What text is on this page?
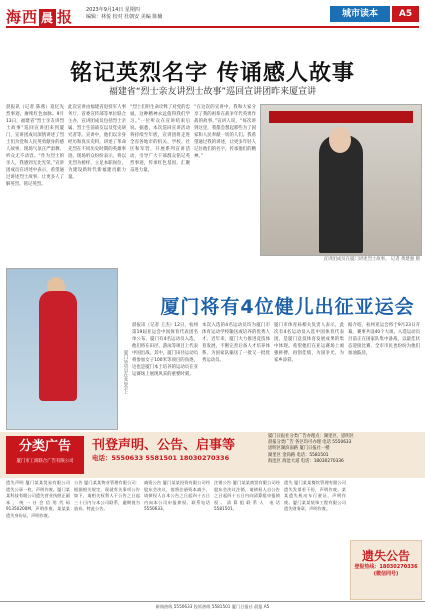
海西 晨 报	2023年9月14日 星期四
编辑：林悦 校对 杜朝安 美编 陈楠	城市读本	A5
铭记英烈名字 传诵感人故事
福建省“烈士亲友讲烈士故事”巡回宣讲团昨来厦宣讲
晨报讯（记者 陈燕）追忆先烈事迹，赓续红色血脉。9月13日，福建省“烈士亲友讲烈士故事”巡回宣讲团来到厦门，宣讲团成员深情讲述了烈士们为党和人民英勇献身的感人故事，现场气氛庄严肃穆，听众无不动容。“作为烈士的亲人，我感到无比光荣。”宣讲团成员在讲述中表示，希望通过讲述烈士故事，让更多人了解英烈、铭记英烈。
此次宣讲由福建省退役军人事务厅、省委宣传部等单位联合主办，宣讲团成员包括烈士亲属、烈士生前战友以及党史研究者等。宣讲中，他们以亲身经历和真实史料，讲述了革命先烈在不同历史时期的英雄事迹。现场听众纷纷表示，将以先烈为榜样，立足本职岗位，为建设新时代新福建贡献力量。
“烈士们用生命诠释了对党的忠诚，这种精神永远值得我们学习。”一位听众在宣讲结束后说。据悉，本次巡回宣讲活动将持续至年底，宣讲团将走进全省各地市的机关、学校、社区和军营，开展系列宣讲活动，引导广大干部群众铭记英烈事迹，传承红色基因，汇聚奋进力量。
“在这次的宣讲中，我和大家分享了我的祖辈在战争年代英勇作战的故事。”宣讲人说，“每次讲到这里，我都会想起那些为了国家和人民奉献一切的人们。我希望通过我的讲述，让更多年轻人记住他们的名字，传承他们的精神。”
宣讲团成员在厦门讲述烈士故事。 记者 黄建强 摄
厦门将有4位健儿出征亚运会
厦门运动员在亚运会上
晨报讯（记者 王杰）12日，杭州第19届亚运会中国体育代表团名单公布，厦门有4名运动员入选，他们将在田径、游泳等项目上代表中国出战。其中，厦门田径运动员将参加女子100米等项目的角逐，这也是厦门本土培养的运动员在亚运赛场上展现风采的重要时刻。
本次入选的4名运动员均为厦门市体育运动学校输送或培养的优秀人才。近年来，厦门大力推进竞技体育发展，不断完善后备人才培养体系，为国家队输送了一批又一批优秀运动员。
厦门市体育局相关负责人表示，此次有4名运动员入选中国体育代表团，是厦门竞技体育发展成果的集中体现。希望他们在亚运赛场上顽强拼搏、再创佳绩，为国争光、为家乡添彩。
据介绍，杭州亚运会将于9月23日开幕，赛事共设40个大项。入选运动员目前正在国家队集中备战，以最佳状态迎接比赛，全市市民也纷纷为他们加油鼓劲。
分类广告
厦门市工商联合广告有限公司
刊登声明、公告、启事等
电话：5550633 5581501 18030270336
厦门日报社分类广告办理点：湖里区、思明区
晨报分类广告 各区均可办理 电话 5550633
思明区湖滨南路 厦门日报社一楼
湖里区 金尚路 电话：5581501
海沧区 海沧大道 电话：18030270336
遗失声明 厦门某某贸易有限公司遗失公章一枚，声明作废。厦门某某科技有限公司遗失营业执照正副本，统一社会信用代码91350200M，声明作废。某某某遗失身份证，声明作废。
公告 厦门某某物业管理有限公司：根据相关规定，现就有关事项公告如下，请相关权利人于公告之日起三十日内与本公司联系，逾期视为放弃。特此公告。
减资公告 厦门某某投资有限公司经股东会决议，拟将注册资本减少，请债权人自本公告之日起四十五日内向本公司申报债权。联系电话 5550633。
注销公告 厦门某某商贸有限公司经股东会决议注销，请债权人自公告之日起四十五日内向清算组申报债权。清算组联系人 电话 5581501。
遗失 厦门某某餐饮管理有限公司遗失发票若干份，声明作废。某某遗失机动车行驶证，声明作废。厦门某某装饰工程有限公司遗失财务章，声明作废。
遗失公告
登报热线：18030270336
(微信同号)
新闻热线 5550633 投诉热线 5581501 厦门日报社 晨报 A5
